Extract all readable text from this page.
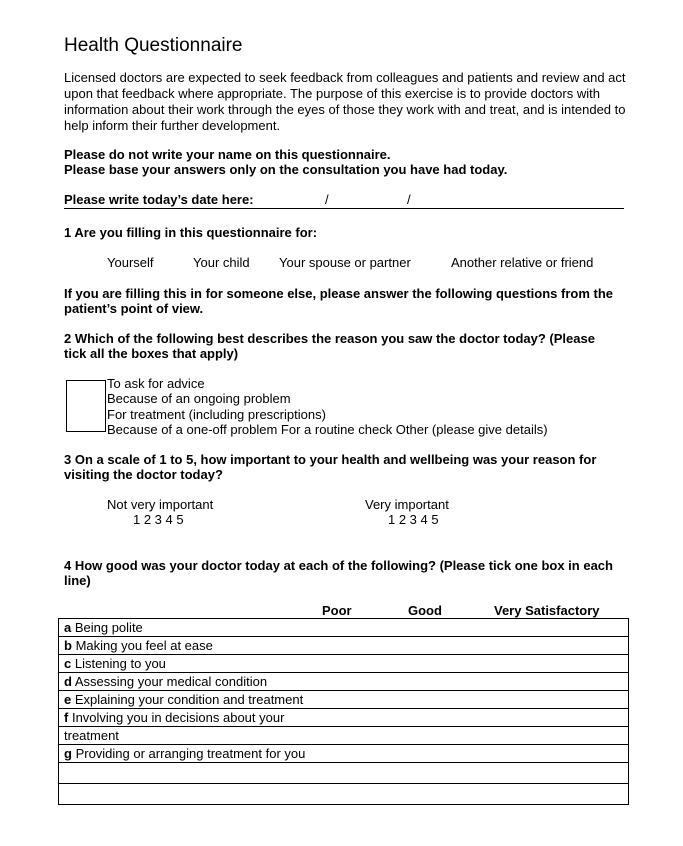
Health Questionnaire
Licensed doctors are expected to seek feedback from colleagues and patients and review and act upon that feedback where appropriate. The purpose of this exercise is to provide doctors with information about their work through the eyes of those they work with and treat, and is intended to help inform their further development.
Please do not write your name on this questionnaire.
Please base your answers only on the consultation you have had today.
Please write today’s date here:	/	/
1 Are you filling in this questionnaire for:
Yourself	Your child Your spouse or partner	Another relative or friend
If you are filling this in for someone else, please answer the following questions from the
patient’s point of view.
2 Which of the following best describes the reason you saw the doctor today? (Please
tick all the boxes that apply)
To ask for advice
Because of an ongoing problem
For treatment (including prescriptions)
Because of a one-off problem For a routine check Other (please give details)
3 On a scale of 1 to 5, how important to your health and wellbeing was your reason for
visiting the doctor today?
Not very important
1 2 3 4 5
Very important
1 2 3 4 5
4 How good was your doctor today at each of the following? (Please tick one box in each
line)
Poor	Good	Very Satisfactory
a Being polite
b Making you feel at ease
c Listening to you
d Assessing your medical condition
e Explaining your condition and treatment
f Involving you in decisions about your
treatment
g Providing or arranging treatment for you
